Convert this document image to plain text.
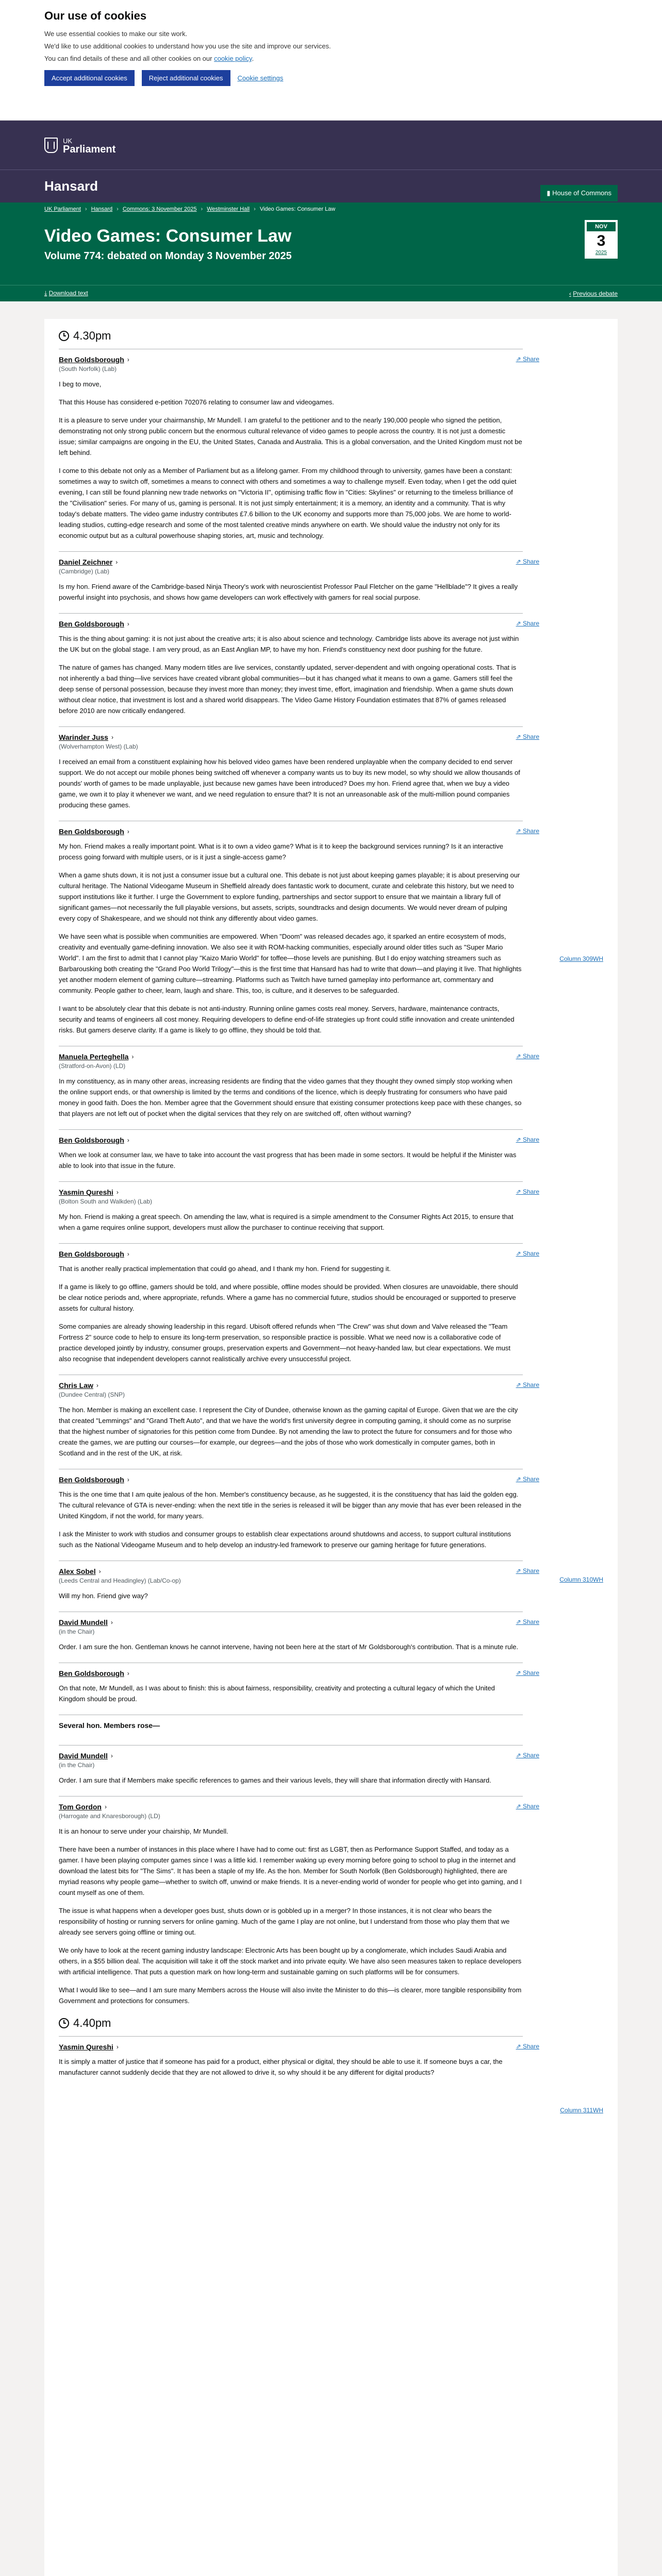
Our use of cookies

We use essential cookies to make our site work.

We'd like to use additional cookies to understand how you use the site and improve our services.

You can find details of these and all other cookies on our cookie policy.

Accept additional cookies	Reject additional cookies	Cookie settings
UK
Parliament
Hansard	▮ House of Commons
UK Parliament › Hansard › Commons: 3 November 2025 › Westminster Hall › Video Games: Consumer Law
Video Games: Consumer Law
Volume 774: debated on Monday 3 November 2025
NOV
3
2025
⤓ Download text	‹ Previous debate
4.30pm
Ben Goldsborough ›
(South Norfolk) (Lab)
⇗ Share

I beg to move,

That this House has considered e-petition 702076 relating to consumer law and videogames.

It is a pleasure to serve under your chairmanship, Mr Mundell. I am grateful to the petitioner and to the nearly 190,000 people who signed the petition, demonstrating not only strong public concern but the enormous cultural relevance of video games to people across the country. It is not just a domestic issue; similar campaigns are ongoing in the EU, the United States, Canada and Australia. This is a global conversation, and the United Kingdom must not be left behind.

I come to this debate not only as a Member of Parliament but as a lifelong gamer. From my childhood through to university, games have been a constant: sometimes a way to switch off, sometimes a means to connect with others and sometimes a way to challenge myself. Even today, when I get the odd quiet evening, I can still be found planning new trade networks on "Victoria II", optimising traffic flow in "Cities: Skylines" or returning to the timeless brilliance of the "Civilisation" series. For many of us, gaming is personal. It is not just simply entertainment; it is a memory, an identity and a community. That is why today's debate matters. The video game industry contributes £7.6 billion to the UK economy and supports more than 75,000 jobs. We are home to world-leading studios, cutting-edge research and some of the most talented creative minds anywhere on earth. We should value the industry not only for its economic output but as a cultural powerhouse shaping stories, art, music and technology.

Daniel Zeichner ›
(Cambridge) (Lab)
⇗ Share

Is my hon. Friend aware of the Cambridge-based Ninja Theory's work with neuroscientist Professor Paul Fletcher on the game "Hellblade"? It gives a really powerful insight into psychosis, and shows how game developers can work effectively with gamers for real social purpose.

Ben Goldsborough ›	⇗ Share

This is the thing about gaming: it is not just about the creative arts; it is also about science and technology. Cambridge lists above its average not just within the UK but on the global stage. I am very proud, as an East Anglian MP, to have my hon. Friend's constituency next door pushing for the future.

The nature of games has changed. Many modern titles are live services, constantly updated, server-dependent and with ongoing operational costs. That is not inherently a bad thing—live services have created vibrant global communities—but it has changed what it means to own a game. Gamers still feel the deep sense of personal possession, because they invest more than money; they invest time, effort, imagination and friendship. When a game shuts down without clear notice, that investment is lost and a shared world disappears. The Video Game History Foundation estimates that 87% of games released before 2010 are now critically endangered.

Warinder Juss ›
(Wolverhampton West) (Lab)
⇗ Share

I received an email from a constituent explaining how his beloved video games have been rendered unplayable when the company decided to end server support. We do not accept our mobile phones being switched off whenever a company wants us to buy its new model, so why should we allow thousands of pounds' worth of games to be made unplayable, just because new games have been introduced? Does my hon. Friend agree that, when we buy a video game, we own it to play it whenever we want, and we need regulation to ensure that? It is not an unreasonable ask of the multi-million pound companies producing these games.

Ben Goldsborough ›	⇗ Share

My hon. Friend makes a really important point. What is it to own a video game? What is it to keep the background services running? Is it an interactive process going forward with multiple users, or is it just a single-access game?

When a game shuts down, it is not just a consumer issue but a cultural one. This debate is not just about keeping games playable; it is about preserving our cultural heritage. The National Videogame Museum in Sheffield already does fantastic work to document, curate and celebrate this history, but we need to support institutions like it further. I urge the Government to explore funding, partnerships and sector support to ensure that we maintain a library full of significant games—not necessarily the full playable versions, but assets, scripts, soundtracks and design documents. We would never dream of pulping every copy of Shakespeare, and we should not think any differently about video games.

We have seen what is possible when communities are empowered. When "Doom" was released decades ago, it sparked an entire ecosystem of mods, creativity and eventually game-defining innovation. We also see it with ROM-hacking communities, especially around older titles such as "Super Mario World". I am the first to admit that I cannot play "Kaizo Mario World" for toffee—those levels are punishing. But I do enjoy watching streamers such as Barbarousking both creating the "Grand Poo World Trilogy"—this is the first time that Hansard has had to write that down—and playing it live. That highlights yet another modern element of gaming culture—streaming. Platforms such as Twitch have turned gameplay into performance art, commentary and community. People gather to cheer, learn, laugh and share. This, too, is culture, and it deserves to be safeguarded.

I want to be absolutely clear that this debate is not anti-industry. Running online games costs real money. Servers, hardware, maintenance contracts, security and teams of engineers all cost money. Requiring developers to define end-of-life strategies up front could stifle innovation and create unintended risks. But gamers deserve clarity. If a game is likely to go offline, they should be told that.

Manuela Perteghella ›
(Stratford-on-Avon) (LD)
⇗ Share

In my constituency, as in many other areas, increasing residents are finding that the video games that they thought they owned simply stop working when the online support ends, or that ownership is limited by the terms and conditions of the licence, which is deeply frustrating for consumers who have paid money in good faith. Does the hon. Member agree that the Government should ensure that existing consumer protections keep pace with these changes, so that players are not left out of pocket when the digital services that they rely on are switched off, often without warning?

Ben Goldsborough ›	⇗ Share

When we look at consumer law, we have to take into account the vast progress that has been made in some sectors. It would be helpful if the Minister was able to look into that issue in the future.

Yasmin Qureshi ›
(Bolton South and Walkden) (Lab)
⇗ Share

My hon. Friend is making a great speech. On amending the law, what is required is a simple amendment to the Consumer Rights Act 2015, to ensure that when a game requires online support, developers must allow the purchaser to continue receiving that support.

Ben Goldsborough ›	⇗ Share

That is another really practical implementation that could go ahead, and I thank my hon. Friend for suggesting it.

If a game is likely to go offline, gamers should be told, and where possible, offline modes should be provided. When closures are unavoidable, there should be clear notice periods and, where appropriate, refunds. Where a game has no commercial future, studios should be encouraged or supported to preserve assets for cultural history.

Some companies are already showing leadership in this regard. Ubisoft offered refunds when "The Crew" was shut down and Valve released the "Team Fortress 2" source code to help to ensure its long-term preservation, so responsible practice is possible. What we need now is a collaborative code of practice developed jointly by industry, consumer groups, preservation experts and Government—not heavy-handed law, but clear expectations. We must also recognise that independent developers cannot realistically archive every unsuccessful project.

Chris Law ›
(Dundee Central) (SNP)
⇗ Share

The hon. Member is making an excellent case. I represent the City of Dundee, otherwise known as the gaming capital of Europe. Given that we are the city that created "Lemmings" and "Grand Theft Auto", and that we have the world's first university degree in computing gaming, it should come as no surprise that the highest number of signatories for this petition come from Dundee. By not amending the law to protect the future for consumers and for those who create the games, we are putting our courses—for example, our degrees—and the jobs of those who work domestically in computer games, both in Scotland and in the rest of the UK, at risk.

Ben Goldsborough ›	⇗ Share

This is the one time that I am quite jealous of the hon. Member's constituency because, as he suggested, it is the constituency that has laid the golden egg. The cultural relevance of GTA is never-ending: when the next title in the series is released it will be bigger than any movie that has ever been released in the United Kingdom, if not the world, for many years.

I ask the Minister to work with studios and consumer groups to establish clear expectations around shutdowns and access, to support cultural institutions such as the National Videogame Museum and to help develop an industry-led framework to preserve our gaming heritage for future generations.

Alex Sobel ›
(Leeds Central and Headingley) (Lab/Co-op)
⇗ Share

Will my hon. Friend give way?

David Mundell ›
(in the Chair)
⇗ Share

Order. I am sure the hon. Gentleman knows he cannot intervene, having not been here at the start of Mr Goldsborough's contribution. That is a minute rule.

Ben Goldsborough ›	⇗ Share

On that note, Mr Mundell, as I was about to finish: this is about fairness, responsibility, creativity and protecting a cultural legacy of which the United Kingdom should be proud.

Several hon. Members rose—
David Mundell ›
(in the Chair)
⇗ Share

Order. I am sure that if Members make specific references to games and their various levels, they will share that information directly with Hansard.

Tom Gordon ›
(Harrogate and Knaresborough) (LD)
⇗ Share

It is an honour to serve under your chairship, Mr Mundell.

There have been a number of instances in this place where I have had to come out: first as LGBT, then as Performance Support Staffed, and today as a gamer. I have been playing computer games since I was a little kid. I remember waking up every morning before going to school to plug in the internet and download the latest bits for "The Sims". It has been a staple of my life. As the hon. Member for South Norfolk (Ben Goldsborough) highlighted, there are myriad reasons why people game—whether to switch off, unwind or make friends. It is a never-ending world of wonder for people who get into gaming, and I count myself as one of them.

The issue is what happens when a developer goes bust, shuts down or is gobbled up in a merger? In those instances, it is not clear who bears the responsibility of hosting or running servers for online gaming. Much of the game I play are not online, but I understand from those who play them that we already see servers going offline or timing out.

We only have to look at the recent gaming industry landscape: Electronic Arts has been bought up by a conglomerate, which includes Saudi Arabia and others, in a $55 billion deal. The acquisition will take it off the stock market and into private equity. We have also seen measures taken to replace developers with artificial intelligence. That puts a question mark on how long-term and sustainable gaming on such platforms will be for consumers.

What I would like to see—and I am sure many Members across the House will also invite the Minister to do this—is clearer, more tangible responsibility from Government and protections for consumers.

4.40pm
Yasmin Qureshi ›	⇗ Share

It is simply a matter of justice that if someone has paid for a product, either physical or digital, they should be able to use it. If someone buys a car, the manufacturer cannot suddenly decide that they are not allowed to drive it, so why should it be any different for digital products?

Column 309WH
Column 310WH
Column 311WH
